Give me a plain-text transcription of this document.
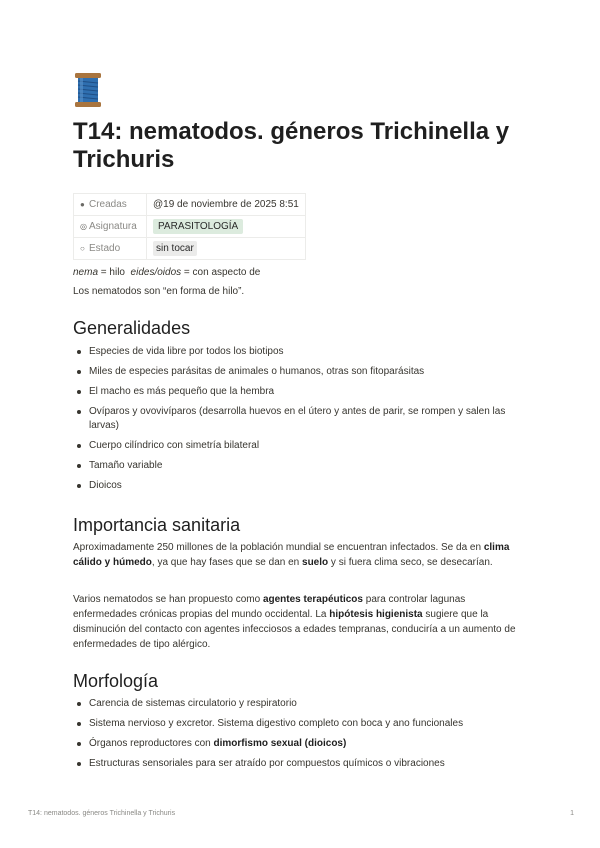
T14: nematodos. géneros Trichinella y Trichuris
● Creadas	@19 de noviembre de 2025 8:51
◎ Asignatura	PARASITOLOGÍA
○ Estado	sin tocar
nema = hilo  eides/oidos = con aspecto de
Los nematodos son “en forma de hilo”.
Generalidades
Especies de vida libre por todos los biotipos
Miles de especies parásitas de animales o humanos, otras son fitoparásitas
El macho es más pequeño que la hembra
Ovíparos y ovovivíparos (desarrolla huevos en el útero y antes de parir, se rompen y salen las larvas)
Cuerpo cilíndrico con simetría bilateral
Tamaño variable
Dioicos
Importancia sanitaria
Aproximadamente 250 millones de la población mundial se encuentran infectados. Se da en clima cálido y húmedo, ya que hay fases que se dan en suelo y si fuera clima seco, se desecarían.
Varios nematodos se han propuesto como agentes terapéuticos para controlar lagunas enfermedades crónicas propias del mundo occidental. La hipótesis higienista sugiere que la disminución del contacto con agentes infecciosos a edades tempranas, conduciría a un aumento de enfermedades de tipo alérgico.
Morfología
Carencia de sistemas circulatorio y respiratorio
Sistema nervioso y excretor. Sistema digestivo completo con boca y ano funcionales
Órganos reproductores con dimorfismo sexual (dioicos)
Estructuras sensoriales para ser atraído por compuestos químicos o vibraciones
T14: nematodos. géneros Trichinella y Trichuris	1
